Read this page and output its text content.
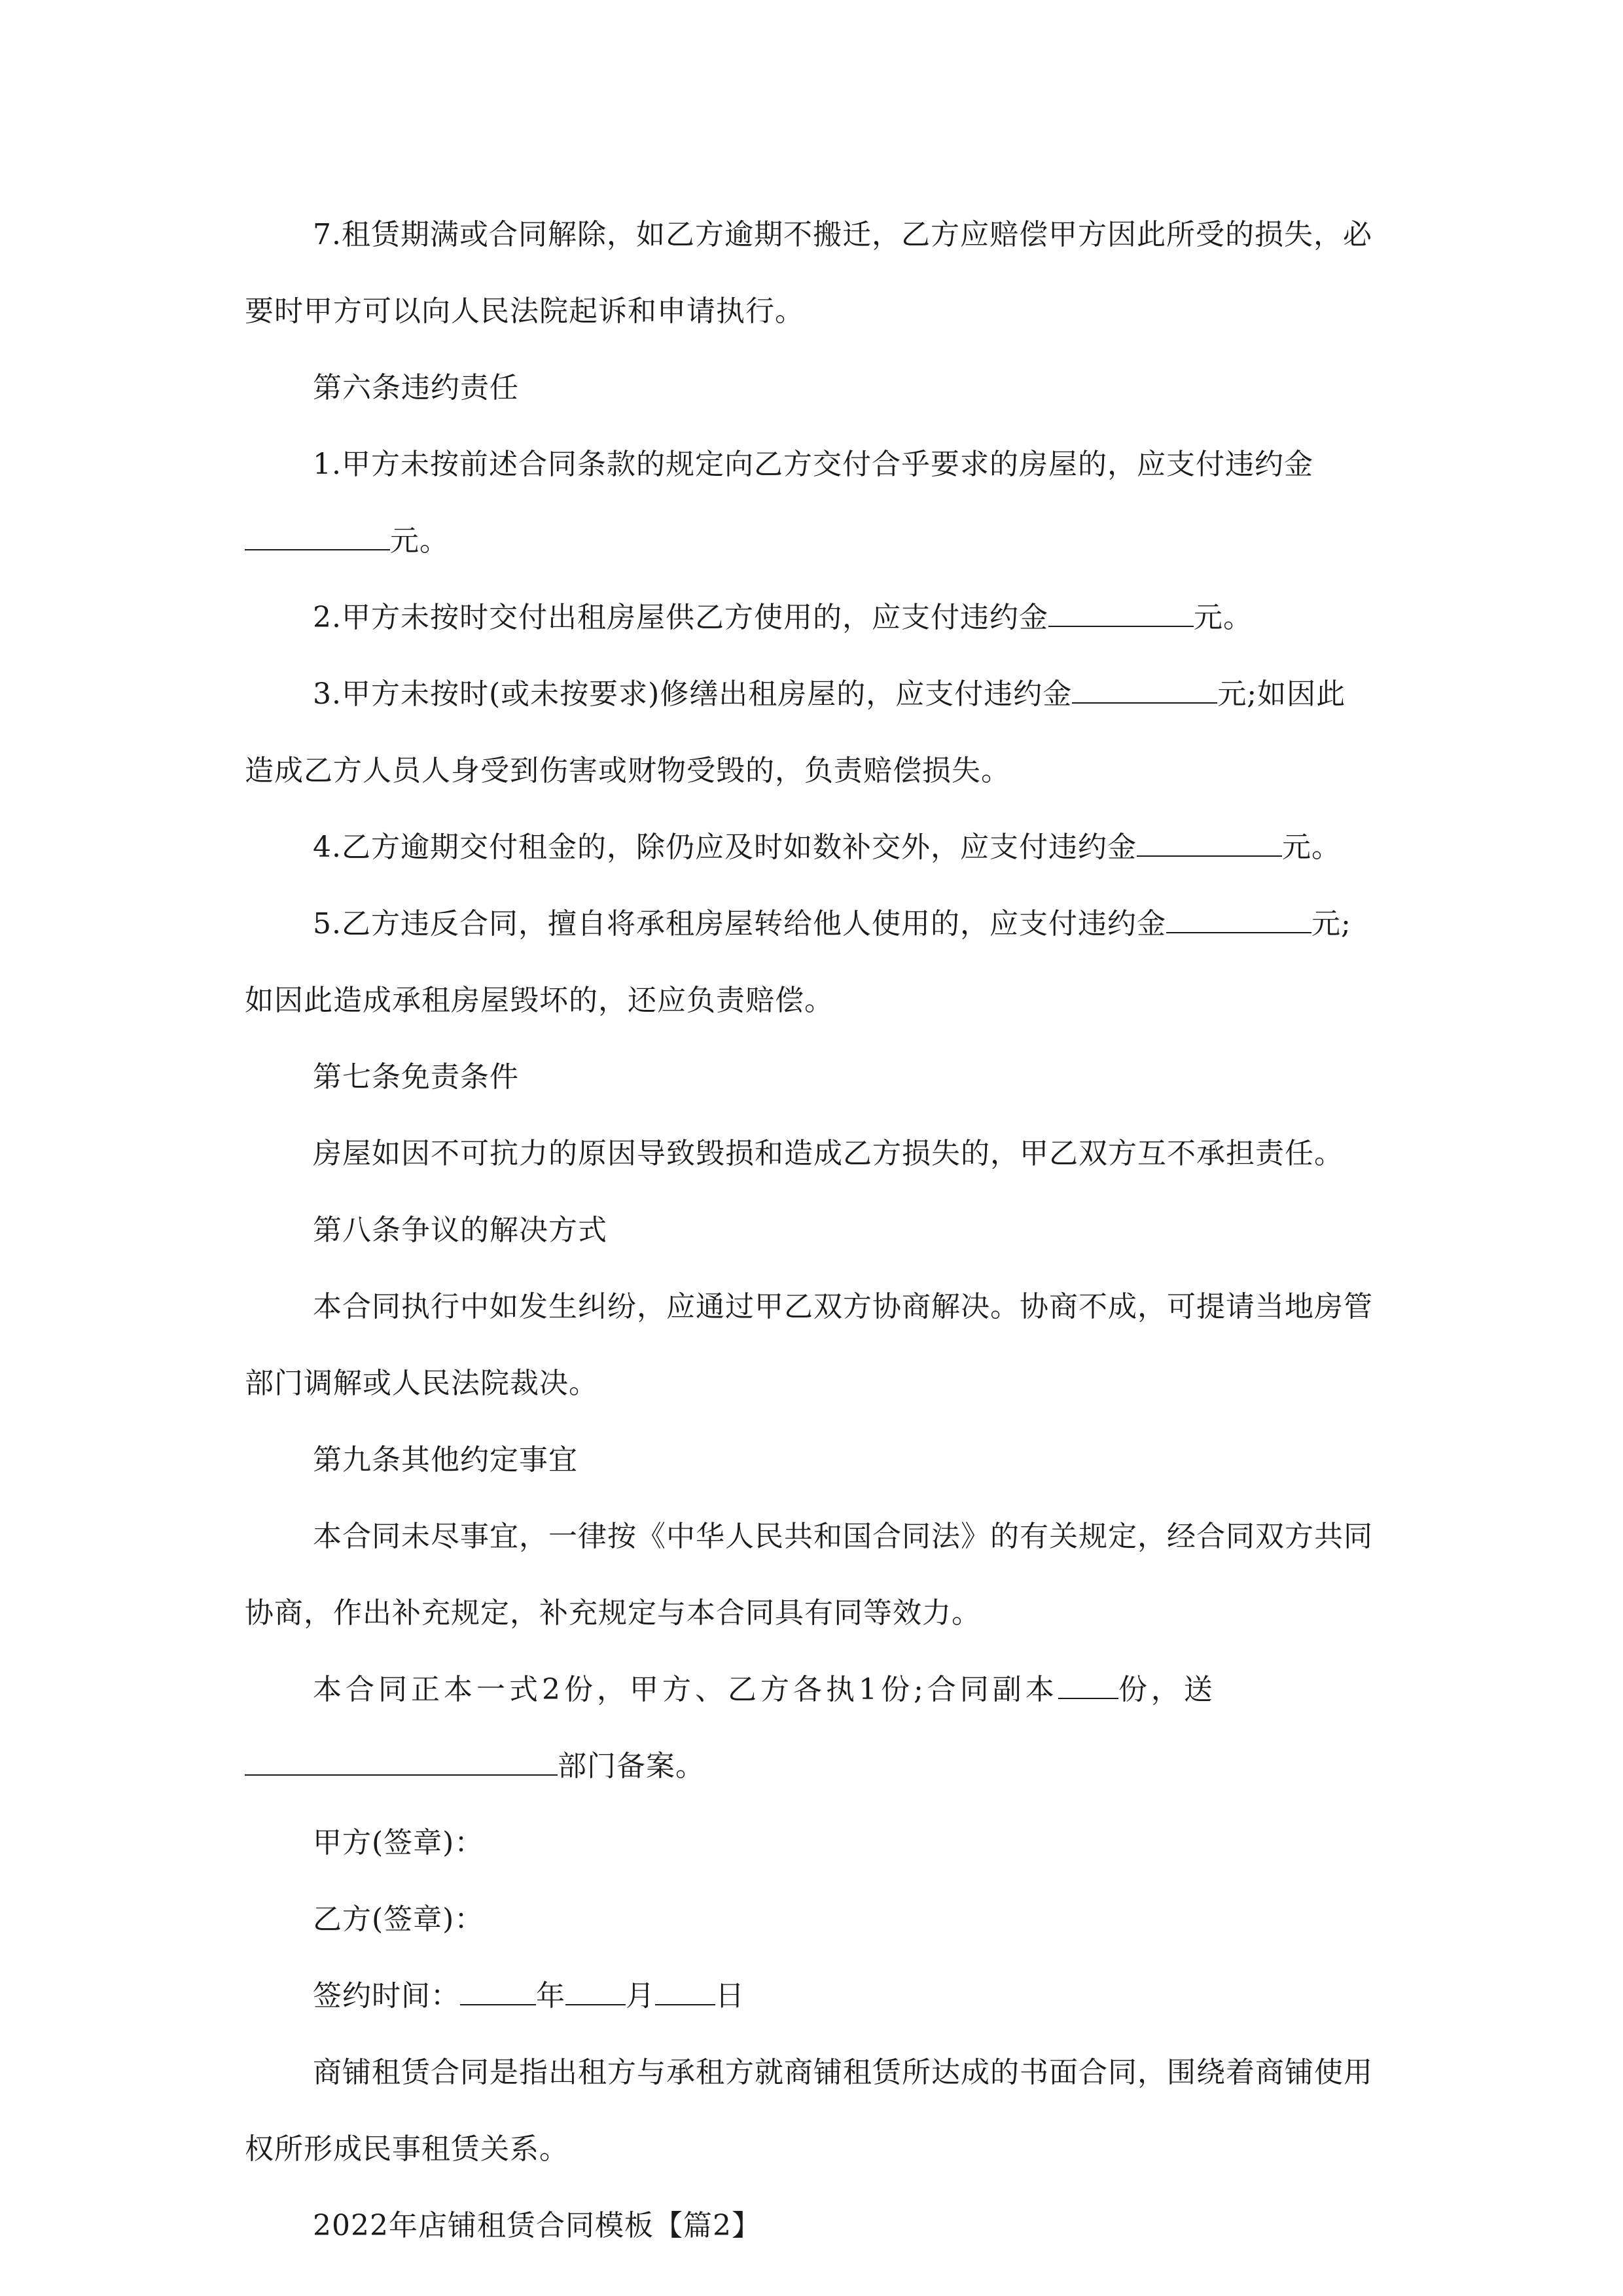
7.租赁期满或合同解除，如乙方逾期不搬迁，乙方应赔偿甲方因此所受的损失，必要时甲方可以向人民法院起诉和申请执行。

第六条违约责任

1.甲方未按前述合同条款的规定向乙方交付合乎要求的房屋的，应支付违约金元。

2.甲方未按时交付出租房屋供乙方使用的，应支付违约金	元。

3.甲方未按时(或未按要求)修缮出租房屋的，应支付违约金	元;如因此造成乙方人员人身受到伤害或财物受毁的，负责赔偿损失。

4.乙方逾期交付租金的，除仍应及时如数补交外，应支付违约金	元。

5.乙方违反合同，擅自将承租房屋转给他人使用的，应支付违约金	元;如因此造成承租房屋毁坏的，还应负责赔偿。

第七条免责条件

房屋如因不可抗力的原因导致毁损和造成乙方损失的，甲乙双方互不承担责任。

第八条争议的解决方式

本合同执行中如发生纠纷，应通过甲乙双方协商解决。协商不成，可提请当地房管部门调解或人民法院裁决。

第九条其他约定事宜

本合同未尽事宜，一律按《中华人民共和国合同法》的有关规定，经合同双方共同协商，作出补充规定，补充规定与本合同具有同等效力。

本合同正本一式2份，甲方、乙方各执1份;合同副本 份，送部门备案。

甲方(签章)：

乙方(签章)：

签约时间：	年 月 日

商铺租赁合同是指出租方与承租方就商铺租赁所达成的书面合同，围绕着商铺使用权所形成民事租赁关系。

2022年店铺租赁合同模板【篇2】
